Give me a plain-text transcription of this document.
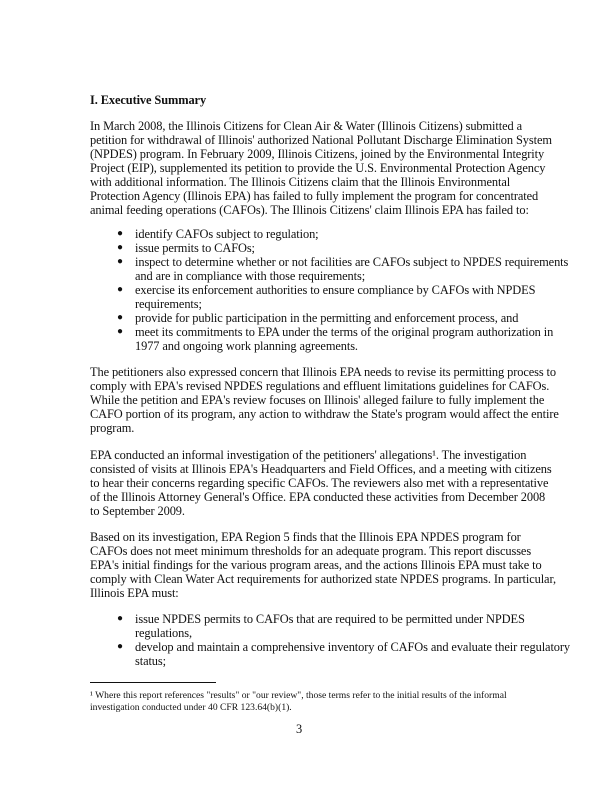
I. Executive Summary
3
In March 2008, the Illinois Citizens for Clean Air & Water (Illinois Citizens) submitted a
petition for withdrawal of Illinois' authorized National Pollutant Discharge Elimination System
(NPDES) program. In February 2009, Illinois Citizens, joined by the Environmental Integrity
Project (EIP), supplemented its petition to provide the U.S. Environmental Protection Agency
with additional information. The Illinois Citizens claim that the Illinois Environmental
Protection Agency (Illinois EPA) has failed to fully implement the program for concentrated
animal feeding operations (CAFOs). The Illinois Citizens' claim Illinois EPA has failed to:
● identify CAFOs subject to regulation;
● issue permits to CAFOs;
● inspect to determine whether or not facilities are CAFOs subject to NPDES requirements
and are in compliance with those requirements;
● exercise its enforcement authorities to ensure compliance by CAFOs with NPDES
requirements;
● provide for public participation in the permitting and enforcement process, and
● meet its commitments to EPA under the terms of the original program authorization in
1977 and ongoing work planning agreements.
The petitioners also expressed concern that Illinois EPA needs to revise its permitting process to
comply with EPA's revised NPDES regulations and effluent limitations guidelines for CAFOs.
While the petition and EPA's review focuses on Illinois' alleged failure to fully implement the
CAFO portion of its program, any action to withdraw the State's program would affect the entire
program.
EPA conducted an informal investigation of the petitioners' allegations¹. The investigation
consisted of visits at Illinois EPA's Headquarters and Field Offices, and a meeting with citizens
to hear their concerns regarding specific CAFOs. The reviewers also met with a representative
of the Illinois Attorney General's Office. EPA conducted these activities from December 2008
to September 2009.
Based on its investigation, EPA Region 5 finds that the Illinois EPA NPDES program for
CAFOs does not meet minimum thresholds for an adequate program. This report discusses
EPA's initial findings for the various program areas, and the actions Illinois EPA must take to
comply with Clean Water Act requirements for authorized state NPDES programs. In particular,
Illinois EPA must:
● issue NPDES permits to CAFOs that are required to be permitted under NPDES
regulations,
● develop and maintain a comprehensive inventory of CAFOs and evaluate their regulatory
status;
¹ Where this report references "results" or "our review", those terms refer to the initial results of the informal
investigation conducted under 40 CFR 123.64(b)(1).
